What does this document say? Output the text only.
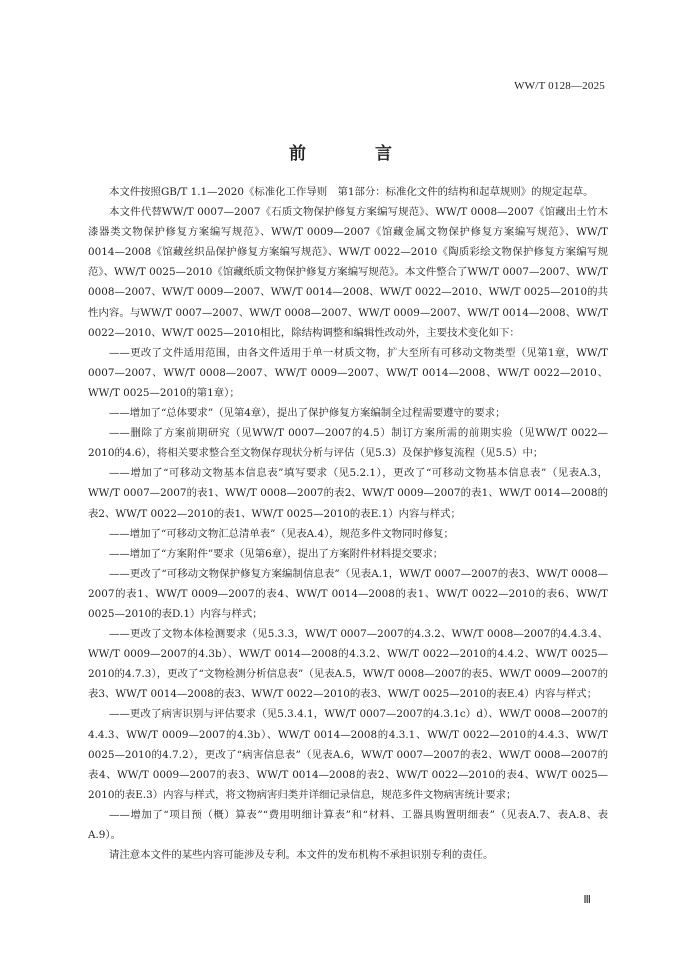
WW/T 0128—2025
前　言

本文件按照GB/T 1.1—2020《标准化工作导则　第1部分：标准化文件的结构和起草规则》的规定起草。

本文件代替WW/T 0007—2007《石质文物保护修复方案编写规范》、WW/T 0008—2007《馆藏出土竹木漆器类文物保护修复方案编写规范》、WW/T 0009—2007《馆藏金属文物保护修复方案编写规范》、WW/T 0014—2008《馆藏丝织品保护修复方案编写规范》、WW/T 0022—2010《陶质彩绘文物保护修复方案编写规范》、WW/T 0025—2010《馆藏纸质文物保护修复方案编写规范》。本文件整合了WW/T 0007—2007、WW/T 0008—2007、WW/T 0009—2007、WW/T 0014—2008、WW/T 0022—2010、WW/T 0025—2010的共性内容。与WW/T 0007—2007、WW/T 0008—2007、WW/T 0009—2007、WW/T 0014—2008、WW/T 0022—2010、WW/T 0025—2010相比，除结构调整和编辑性改动外，主要技术变化如下：

——更改了文件适用范围，由各文件适用于单一材质文物，扩大至所有可移动文物类型（见第1章，WW/T 0007—2007、WW/T 0008—2007、WW/T 0009—2007、WW/T 0014—2008、WW/T 0022—2010、WW/T 0025—2010的第1章）；

——增加了“总体要求”（见第4章），提出了保护修复方案编制全过程需要遵守的要求；

——删除了方案前期研究（见WW/T 0007—2007的4.5）制订方案所需的前期实验（见WW/T 0022—2010的4.6），将相关要求整合至文物保存现状分析与评估（见5.3）及保护修复流程（见5.5）中；

——增加了“可移动文物基本信息表”填写要求（见5.2.1），更改了“可移动文物基本信息表”（见表A.3，WW/T 0007—2007的表1、WW/T 0008—2007的表2、WW/T 0009—2007的表1、WW/T 0014—2008的表2、WW/T 0022—2010的表1、WW/T 0025—2010的表E.1）内容与样式；

——增加了“可移动文物汇总清单表”（见表A.4），规范多件文物同时修复；

——增加了“方案附件”要求（见第6章），提出了方案附件材料提交要求；

——更改了“可移动文物保护修复方案编制信息表”（见表A.1，WW/T 0007—2007的表3、WW/T 0008—2007的表1、WW/T 0009—2007的表4、WW/T 0014—2008的表1、WW/T 0022—2010的表6、WW/T 0025—2010的表D.1）内容与样式；

——更改了文物本体检测要求（见5.3.3，WW/T 0007—2007的4.3.2、WW/T 0008—2007的4.4.3.4、WW/T 0009—2007的4.3b）、WW/T 0014—2008的4.3.2、WW/T 0022—2010的4.4.2、WW/T 0025—2010的4.7.3），更改了“文物检测分析信息表”（见表A.5，WW/T 0008—2007的表5、WW/T 0009—2007的表3、WW/T 0014—2008的表3、WW/T 0022—2010的表3、WW/T 0025—2010的表E.4）内容与样式；

——更改了病害识别与评估要求（见5.3.4.1，WW/T 0007—2007的4.3.1c）d）、WW/T 0008—2007的4.4.3、WW/T 0009—2007的4.3b）、WW/T 0014—2008的4.3.1、WW/T 0022—2010的4.4.3、WW/T 0025—2010的4.7.2），更改了“病害信息表”（见表A.6，WW/T 0007—2007的表2、WW/T 0008—2007的表4、WW/T 0009—2007的表3、WW/T 0014—2008的表2、WW/T 0022—2010的表4、WW/T 0025—2010的表E.3）内容与样式，将文物病害归类并详细记录信息，规范多件文物病害统计要求；

——增加了“项目预（概）算表”“费用明细计算表”和“材料、工器具购置明细表”（见表A.7、表A.8、表A.9）。

请注意本文件的某些内容可能涉及专利。本文件的发布机构不承担识别专利的责任。

Ⅲ
